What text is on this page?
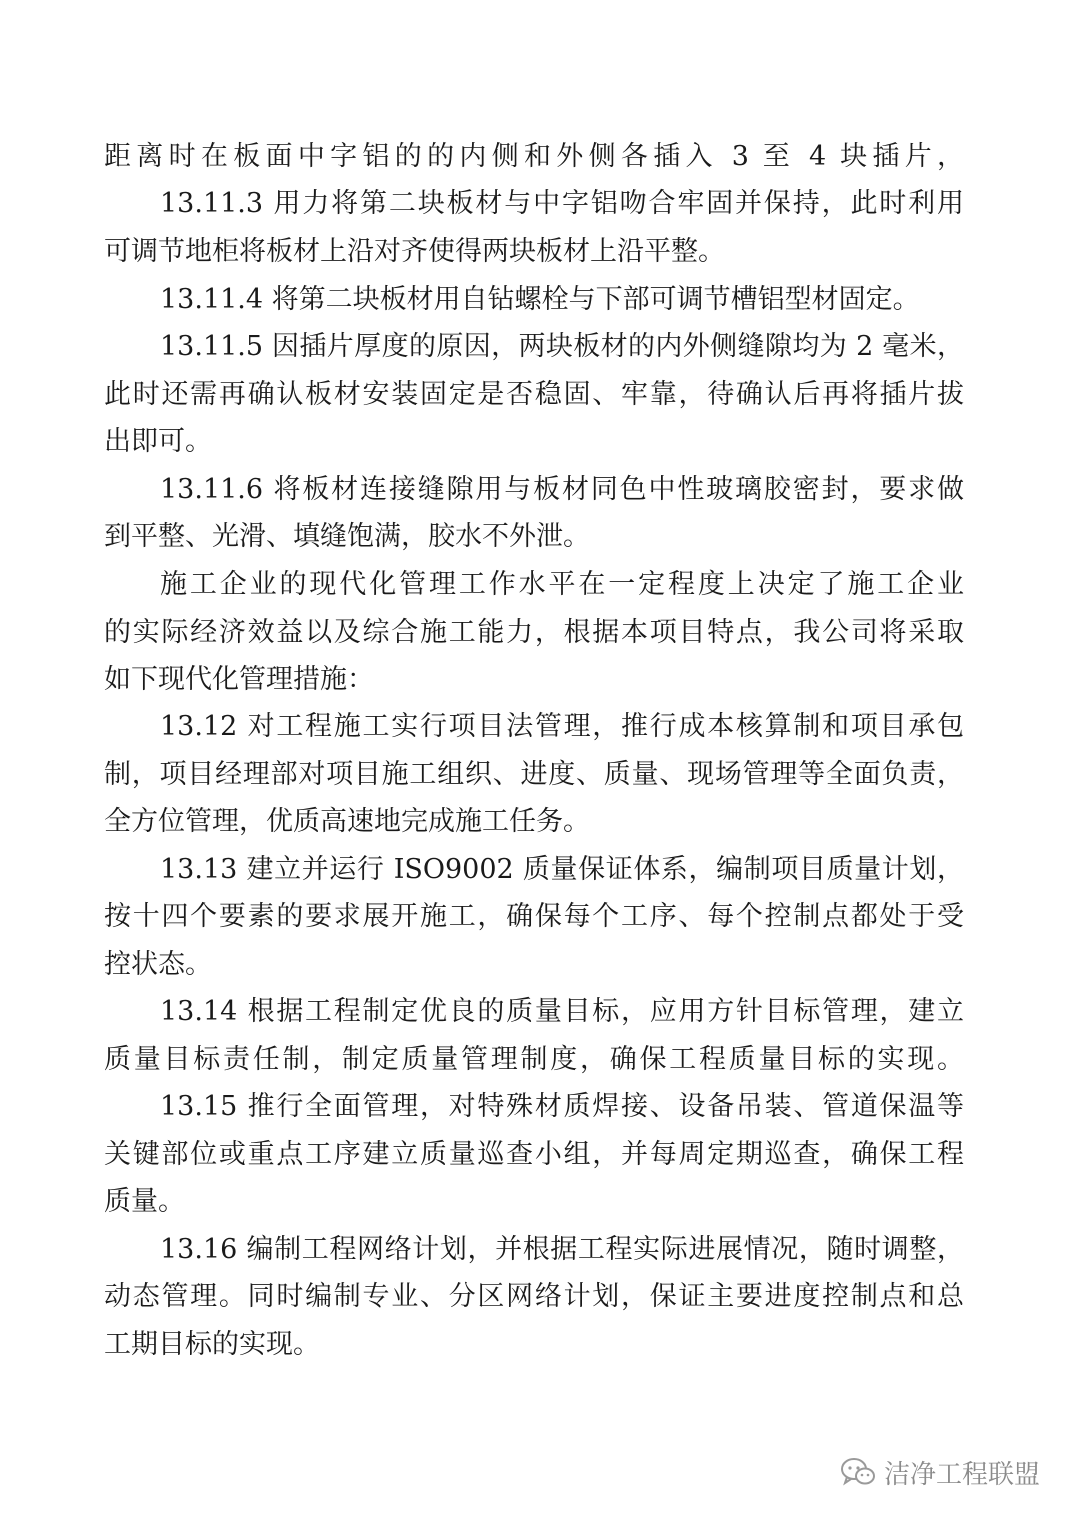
距离时在板面中字铝的的内侧和外侧各插入 3 至 4 块插片，
13.11.3 用力将第二块板材与中字铝吻合牢固并保持，此时利用
可调节地柜将板材上沿对齐使得两块板材上沿平整。
13.11.4 将第二块板材用自钻螺栓与下部可调节槽铝型材固定。
13.11.5 因插片厚度的原因，两块板材的内外侧缝隙均为 2 毫米，
此时还需再确认板材安装固定是否稳固、牢靠，待确认后再将插片拔
出即可。
13.11.6 将板材连接缝隙用与板材同色中性玻璃胶密封，要求做
到平整、光滑、填缝饱满，胶水不外泄。
施工企业的现代化管理工作水平在一定程度上决定了施工企业
的实际经济效益以及综合施工能力，根据本项目特点，我公司将采取
如下现代化管理措施：
13.12 对工程施工实行项目法管理，推行成本核算制和项目承包
制，项目经理部对项目施工组织、进度、质量、现场管理等全面负责，
全方位管理，优质高速地完成施工任务。
13.13 建立并运行 ISO9002 质量保证体系，编制项目质量计划，
按十四个要素的要求展开施工，确保每个工序、每个控制点都处于受
控状态。
13.14 根据工程制定优良的质量目标，应用方针目标管理，建立
质量目标责任制，制定质量管理制度，确保工程质量目标的实现。
13.15 推行全面管理，对特殊材质焊接、设备吊装、管道保温等
关键部位或重点工序建立质量巡查小组，并每周定期巡查，确保工程
质量。
13.16 编制工程网络计划，并根据工程实际进展情况，随时调整，
动态管理。同时编制专业、分区网络计划，保证主要进度控制点和总
工期目标的实现。
洁净工程联盟
